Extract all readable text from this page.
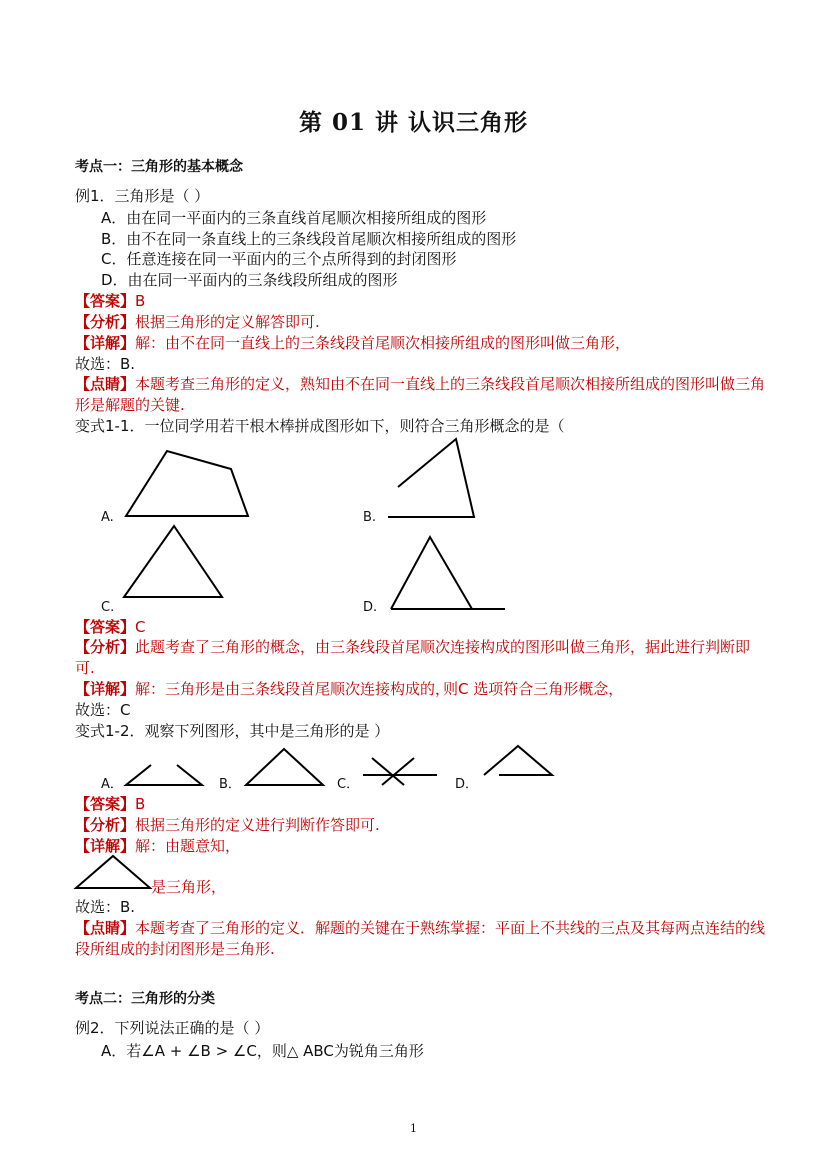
第 01 讲 认识三角形
考点一：三角形的基本概念
例1．三角形是（ ）
A．由在同一平面内的三条直线首尾顺次相接所组成的图形
B．由不在同一条直线上的三条线段首尾顺次相接所组成的图形
C．任意连接在同一平面内的三个点所得到的封闭图形
D．由在同一平面内的三条线段所组成的图形
【答案】B
【分析】根据三角形的定义解答即可.
【详解】解：由不在同一直线上的三条线段首尾顺次相接所组成的图形叫做三角形，
故选：B.
【点睛】本题考查三角形的定义，熟知由不在同一直线上的三条线段首尾顺次相接所组成的图形叫做三角
形是解题的关键.
变式1-1．一位同学用若干根木棒拼成图形如下，则符合三角形概念的是（
A.	B.
C.	D.
【答案】C
【分析】此题考查了三角形的概念，由三条线段首尾顺次连接构成的图形叫做三角形，据此进行判断即
可.
【详解】解：三角形是由三条线段首尾顺次连接构成的，
则C 选项符合三角形概念，
故选：C
变式1-2．观察下列图形，其中是三角形的是 ）
A．	B．	C．	D．
【答案】B
【分析】根据三角形的定义进行判断作答即可.
【详解】解：由题意知，
是三角形，
故选：B.
【点睛】本题考查了三角形的定义．解题的关键在于熟练掌握：平面上不共线的三点及其每两点连结的线
段所组成的封闭图形是三角形.
考点二：三角形的分类
例2．下列说法正确的是（ ）
A．若∠A + ∠B > ∠C，则△ ABC为锐角三角形
1
